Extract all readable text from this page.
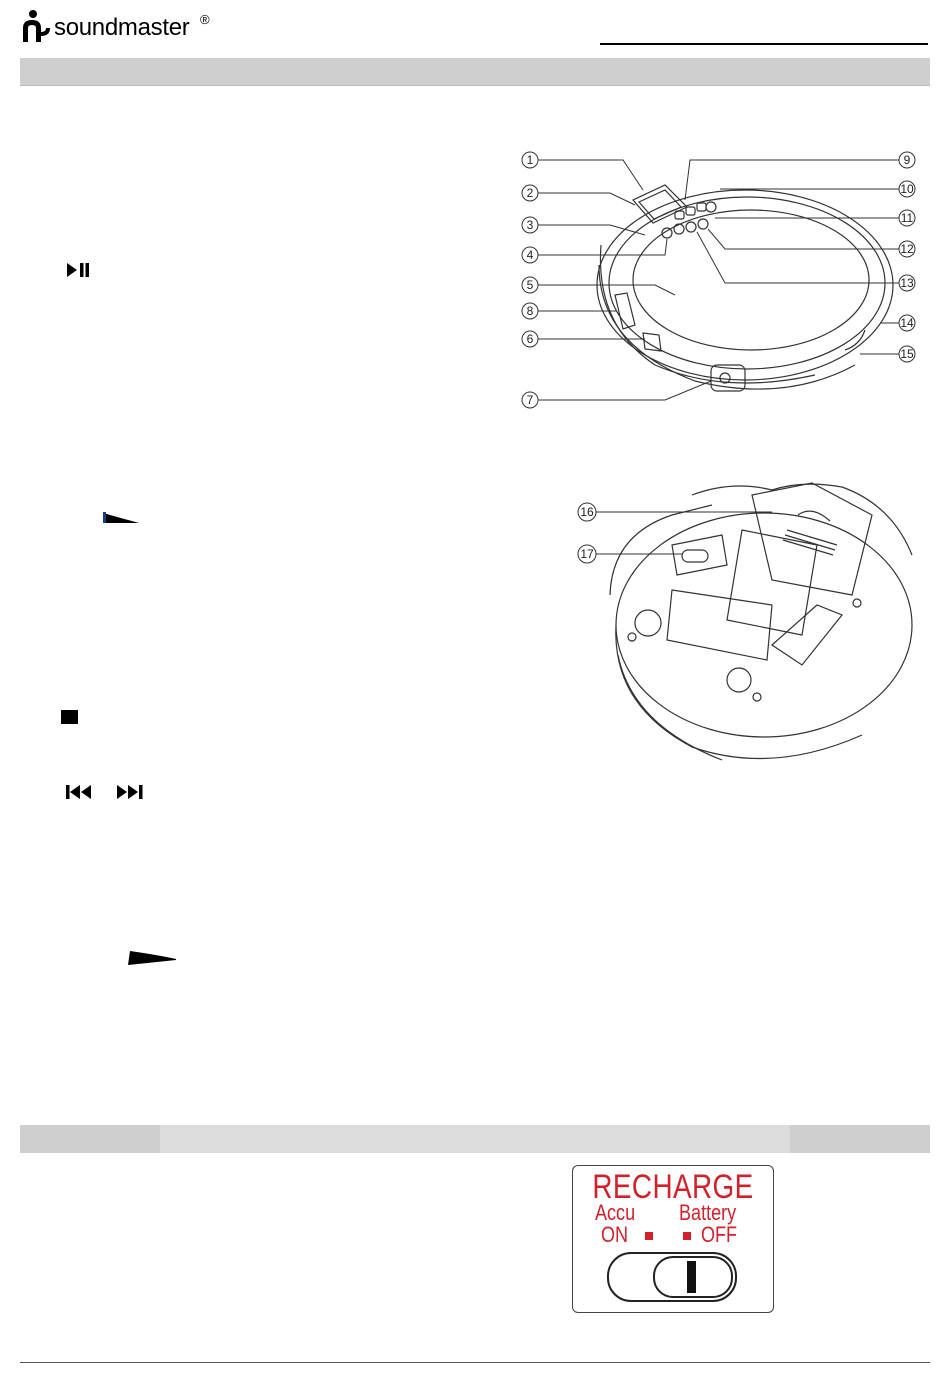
soundmaster ®
1
2
3
4
5
8
6
7
9
10
11
12
13
14
15
16
17
RECHARGE
Accu Battery
ON	OFF
